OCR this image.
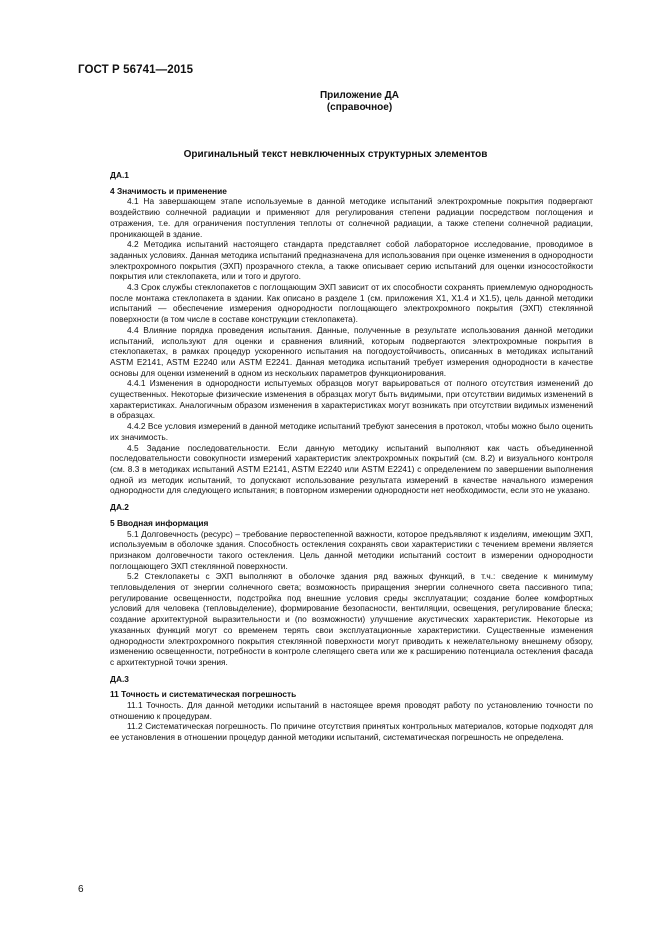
ГОСТ Р 56741—2015
Приложение ДА
(справочное)
Оригинальный текст невключенных структурных элементов

ДА.1

4 Значимость и применение

4.1 На завершающем этапе используемые в данной методике испытаний электрохромные покрытия подвергают воздействию солнечной радиации и применяют для регулирования степени радиации посредством поглощения и отражения, т.е. для ограничения поступления теплоты от солнечной радиации, а также степени солнечной радиации, проникающей в здание.

4.2 Методика испытаний настоящего стандарта представляет собой лабораторное исследование, проводимое в заданных условиях. Данная методика испытаний предназначена для использования при оценке изменения в однородности электрохромного покрытия (ЭХП) прозрачного стекла, а также описывает серию испытаний для оценки износостойкости покрытия или стеклопакета, или и того и другого.

4.3 Срок службы стеклопакетов с поглощающим ЭХП зависит от их способности сохранять приемлемую однородность после монтажа стеклопакета в здании. Как описано в разделе 1 (см. приложения X1, X1.4 и X1.5), цель данной методики испытаний — обеспечение измерения однородности поглощающего электрохромного покрытия (ЭХП) стеклянной поверхности (в том числе в составе конструкции стеклопакета).

4.4 Влияние порядка проведения испытания. Данные, полученные в результате использования данной методики испытаний, используют для оценки и сравнения влияний, которым подвергаются электрохромные покрытия в стеклопакетах, в рамках процедур ускоренного испытания на погодоустойчивость, описанных в методиках испытаний ASTM E2141, ASTM E2240 или ASTM E2241. Данная методика испытаний требует измерения однородности в качестве основы для оценки изменений в одном из нескольких параметров функционирования.

4.4.1 Изменения в однородности испытуемых образцов могут варьироваться от полного отсутствия изменений до существенных. Некоторые физические изменения в образцах могут быть видимыми, при отсутствии видимых изменений в характеристиках. Аналогичным образом изменения в характеристиках могут возникать при отсутствии видимых изменений в образцах.

4.4.2 Все условия измерений в данной методике испытаний требуют занесения в протокол, чтобы можно было оценить их значимость.

4.5 Задание последовательности. Если данную методику испытаний выполняют как часть объединенной последовательности совокупности измерений характеристик электрохромных покрытий (см. 8.2) и визуального контроля (см. 8.3 в методиках испытаний ASTM E2141, ASTM E2240 или ASTM E2241) с определением по завершении выполнения одной из методик испытаний, то допускают использование результата измерений в качестве начального измерения однородности для следующего испытания; в повторном измерении однородности нет необходимости, если это не указано.

ДА.2

5 Вводная информация

5.1 Долговечность (ресурс) – требование первостепенной важности, которое предъявляют к изделиям, имеющим ЭХП, используемым в оболочке здания. Способность остекления сохранять свои характеристики с течением времени является признаком долговечности такого остекления. Цель данной методики испытаний состоит в измерении однородности поглощающего ЭХП стеклянной поверхности.

5.2 Стеклопакеты с ЭХП выполняют в оболочке здания ряд важных функций, в т.ч.: сведение к минимуму тепловыделения от энергии солнечного света; возможность приращения энергии солнечного света пассивного типа; регулирование освещенности, подстройка под внешние условия среды эксплуатации; создание более комфортных условий для человека (тепловыделение), формирование безопасности, вентиляции, освещения, регулирование блеска; создание архитектурной выразительности и (по возможности) улучшение акустических характеристик. Некоторые из указанных функций могут со временем терять свои эксплуатационные характеристики. Существенные изменения однородности электрохромного покрытия стеклянной поверхности могут приводить к нежелательному внешнему обзору, изменению освещенности, потребности в контроле слепящего света или же к расширению потенциала остекления фасада с архитектурной точки зрения.

ДА.3

11 Точность и систематическая погрешность

11.1 Точность. Для данной методики испытаний в настоящее время проводят работу по установлению точности по отношению к процедурам.

11.2 Систематическая погрешность. По причине отсутствия принятых контрольных материалов, которые подходят для ее установления в отношении процедур данной методики испытаний, систематическая погрешность не определена.

6
